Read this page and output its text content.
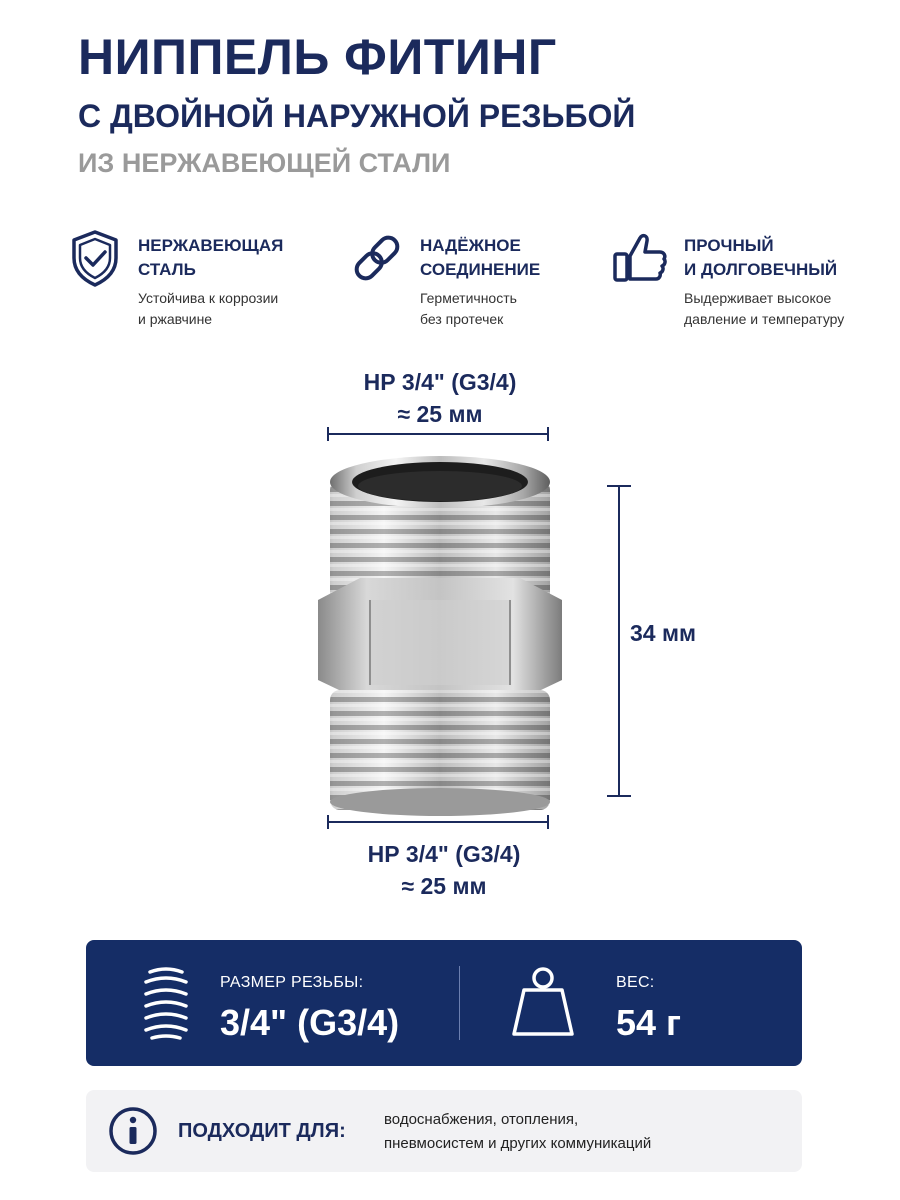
НИППЕЛЬ ФИТИНГ
С ДВОЙНОЙ НАРУЖНОЙ РЕЗЬБОЙ
ИЗ НЕРЖАВЕЮЩЕЙ СТАЛИ
НЕРЖАВЕЮЩАЯ
СТАЛЬ
Устойчива к коррозии
и ржавчине
НАДЁЖНОЕ
СОЕДИНЕНИЕ
Герметичность
без протечек
ПРОЧНЫЙ
И ДОЛГОВЕЧНЫЙ
Выдерживает высокое
давление и температуру
НР 3/4" (G3/4)
≈ 25 мм
34 мм
НР 3/4" (G3/4)
≈ 25 мм
РАЗМЕР РЕЗЬБЫ:
3/4" (G3/4)
ВЕС:
54 г
ПОДХОДИТ ДЛЯ:
водоснабжения, отопления,
пневмосистем и других коммуникаций
